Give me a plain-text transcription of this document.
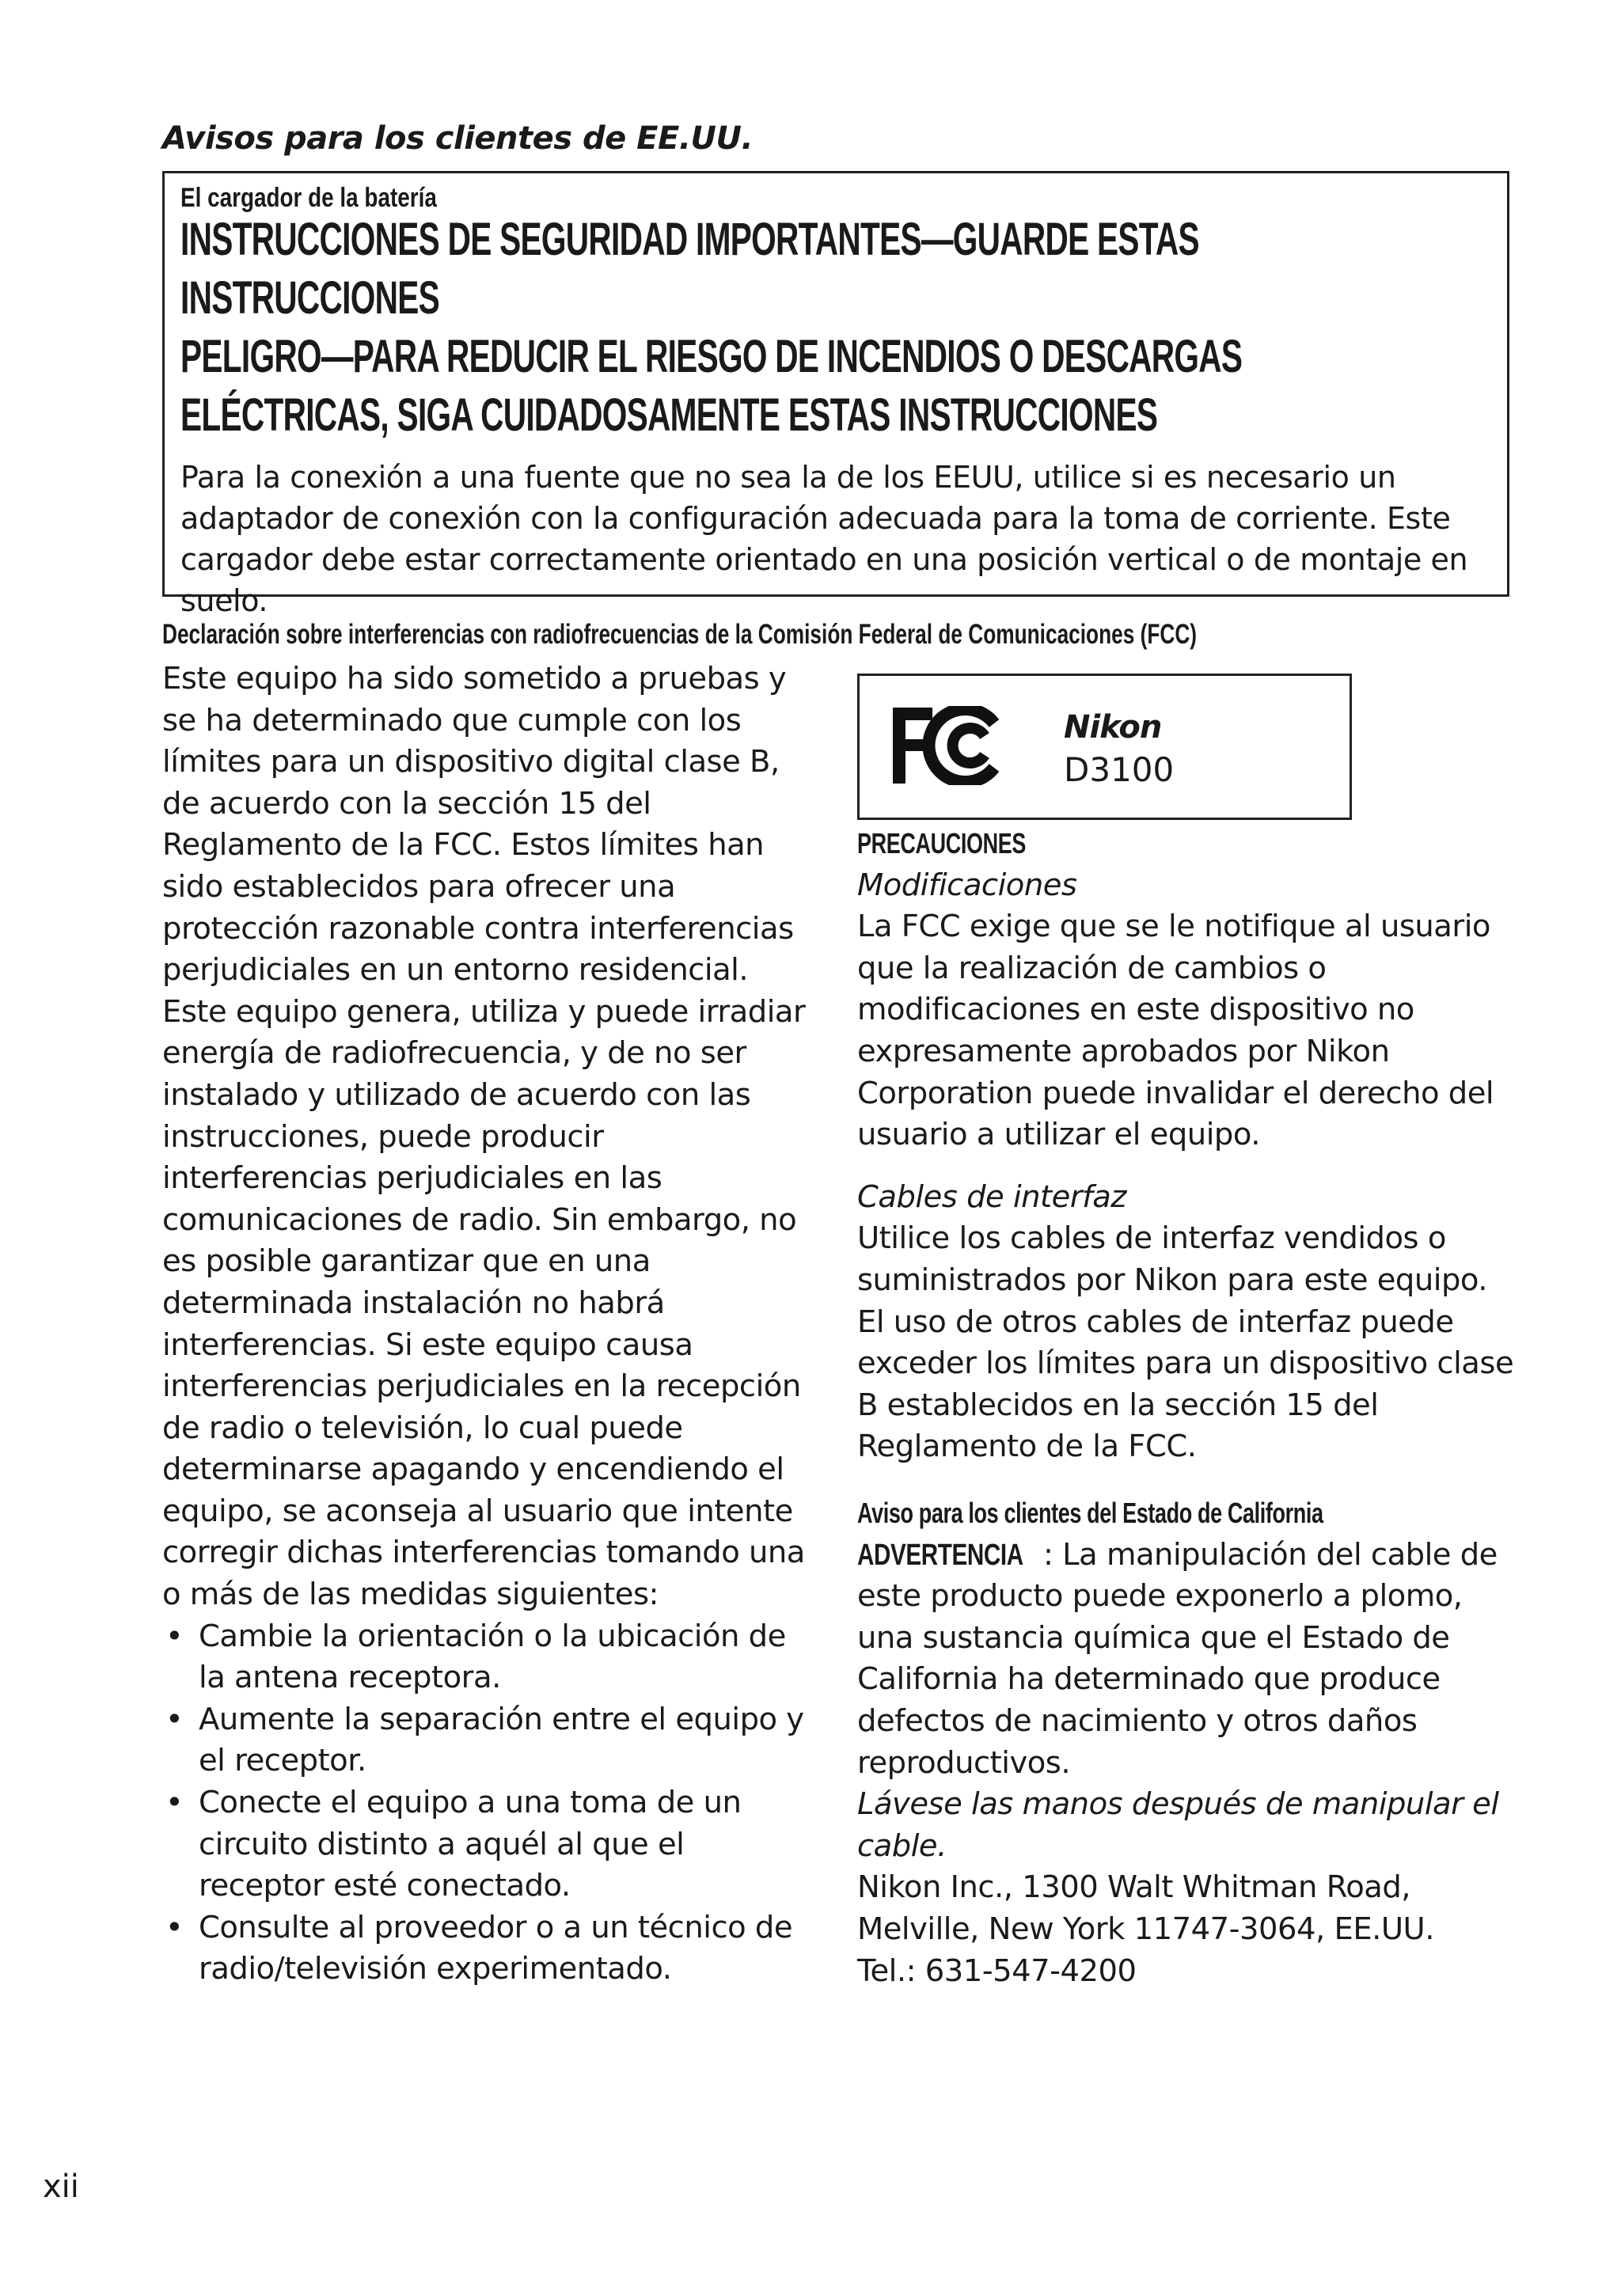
Avisos para los clientes de EE.UU.
El cargador de la batería
INSTRUCCIONES DE SEGURIDAD IMPORTANTES—GUARDE ESTAS
INSTRUCCIONES
PELIGRO—PARA REDUCIR EL RIESGO DE INCENDIOS O DESCARGAS
ELÉCTRICAS, SIGA CUIDADOSAMENTE ESTAS INSTRUCCIONES
Para la conexión a una fuente que no sea la de los EEUU, utilice si es necesario un adaptador de conexión con la configuración adecuada para la toma de corriente. Este cargador debe estar correctamente orientado en una posición vertical o de montaje en suelo.
Declaración sobre interferencias con radiofrecuencias de la Comisión Federal de Comunicaciones (FCC)

Este equipo ha sido sometido a pruebas y se ha determinado que cumple con los límites para un dispositivo digital clase B, de acuerdo con la sección 15 del Reglamento de la FCC. Estos límites han sido establecidos para ofrecer una protección razonable contra interferencias perjudiciales en un entorno residencial. Este equipo genera, utiliza y puede irradiar energía de radiofrecuencia, y de no ser instalado y utilizado de acuerdo con las instrucciones, puede producir interferencias perjudiciales en las comunicaciones de radio. Sin embargo, no es posible garantizar que en una determinada instalación no habrá interferencias. Si este equipo causa interferencias perjudiciales en la recepción de radio o televisión, lo cual puede determinarse apagando y encendiendo el equipo, se aconseja al usuario que intente corregir dichas interferencias tomando una o más de las medidas siguientes:

• Cambie la orientación o la ubicación de la antena receptora.
• Aumente la separación entre el equipo y el receptor.
• Conecte el equipo a una toma de un circuito distinto a aquél al que el receptor esté conectado.
• Consulte al proveedor o a un técnico de radio/televisión experimentado.
Nikon
D3100

PRECAUCIONES

Modificaciones

La FCC exige que se le notifique al usuario que la realización de cambios o modificaciones en este dispositivo no expresamente aprobados por Nikon Corporation puede invalidar el derecho del usuario a utilizar el equipo.

Cables de interfaz

Utilice los cables de interfaz vendidos o suministrados por Nikon para este equipo. El uso de otros cables de interfaz puede exceder los límites para un dispositivo clase B establecidos en la sección 15 del Reglamento de la FCC.

Aviso para los clientes del Estado de California

ADVERTENCIA : La manipulación del cable de este producto puede exponerlo a plomo, una sustancia química que el Estado de California ha determinado que produce defectos de nacimiento y otros daños reproductivos.

Lávese las manos después de manipular el cable.

Nikon Inc., 1300 Walt Whitman Road, Melville, New York 11747-3064, EE.UU.

Tel.: 631-547-4200

xii
